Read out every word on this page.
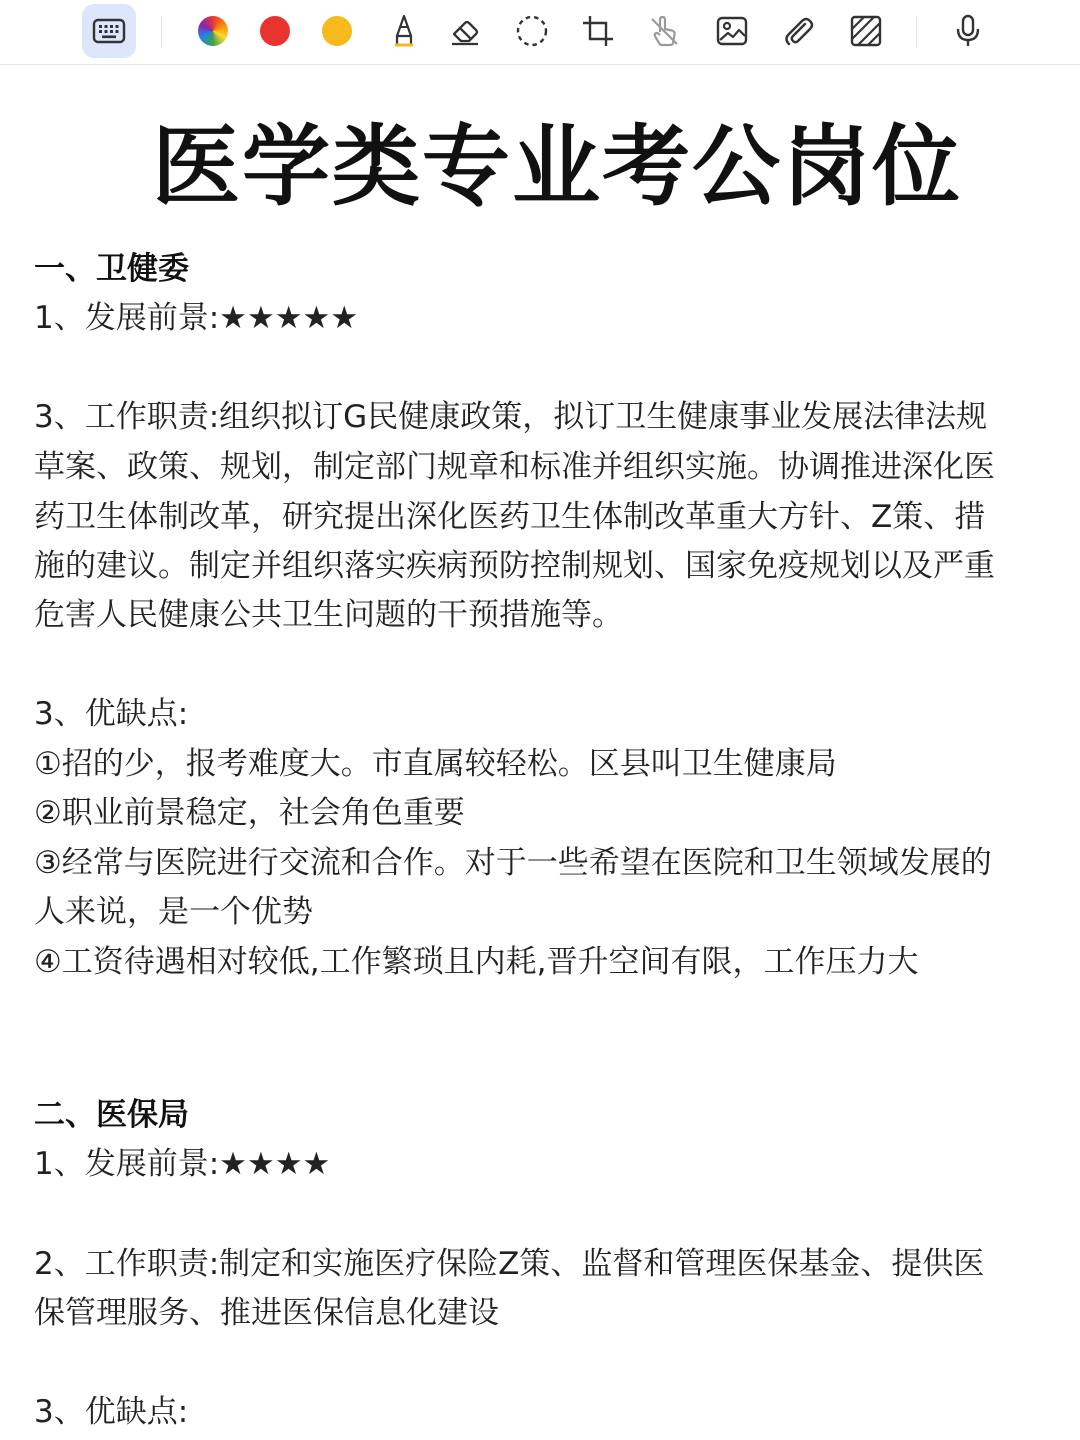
医学类专业考公岗位
一、卫健委
1、发展前景:★★★★★
3、工作职责:组织拟订G民健康政策，拟订卫生健康事业发展法律法规
草案、政策、规划，制定部门规章和标准并组织实施。协调推进深化医
药卫生体制改革，研究提出深化医药卫生体制改革重大方针、Z策、措
施的建议。制定并组织落实疾病预防控制规划、国家免疫规划以及严重
危害人民健康公共卫生问题的干预措施等。
3、优缺点:
①招的少，报考难度大。市直属较轻松。区县叫卫生健康局
②职业前景稳定，社会角色重要
③经常与医院进行交流和合作。对于一些希望在医院和卫生领域发展的
人来说，是一个优势
④工资待遇相对较低,工作繁琐且内耗,晋升空间有限，工作压力大
二、医保局
1、发展前景:★★★★
2、工作职责:制定和实施医疗保险Z策、监督和管理医保基金、提供医
保管理服务、推进医保信息化建设
3、优缺点:
